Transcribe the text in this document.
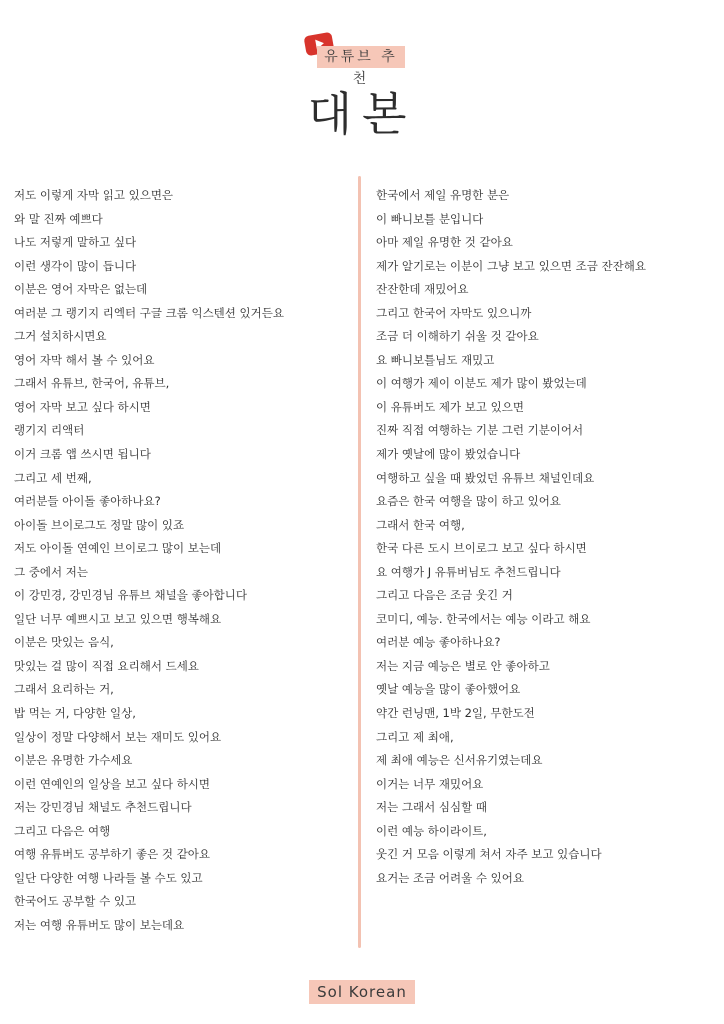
유튜브 추천
대본
저도 이렇게 자막 읽고 있으면은
와 말 진짜 예쁘다
나도 저렇게 말하고 싶다
이런 생각이 많이 듭니다
이분은 영어 자막은 없는데
여러분 그 랭기지 리엑터 구글 크롬 익스텐션 있거든요
그거 설치하시면요
영어 자막 해서 볼 수 있어요
그래서 유튜브, 한국어, 유튜브,
영어 자막 보고 싶다 하시면
랭기지 리액터
이거 크롬 앱 쓰시면 됩니다
그리고 세 번째,
여러분들 아이돌 좋아하나요?
아이돌 브이로그도 정말 많이 있죠
저도 아이돌 연예인 브이로그 많이 보는데
그 중에서 저는
이 강민경, 강민경님 유튜브 채널을 좋아합니다
일단 너무 예쁘시고 보고 있으면 행복해요
이분은 맛있는 음식,
맛있는 걸 많이 직접 요리해서 드세요
그래서 요리하는 거,
밥 먹는 거, 다양한 일상,
일상이 정말 다양해서 보는 재미도 있어요
이분은 유명한 가수세요
이런 연예인의 일상을 보고 싶다 하시면
저는 강민경님 채널도 추천드립니다
그리고 다음은 여행
여행 유튜버도 공부하기 좋은 것 같아요
일단 다양한 여행 나라들 볼 수도 있고
한국어도 공부할 수 있고
저는 여행 유튜버도 많이 보는데요
한국에서 제일 유명한 분은
이 빠니보틀 분입니다
아마 제일 유명한 것 같아요
제가 알기로는 이분이 그냥 보고 있으면 조금 잔잔해요
잔잔한데 재밌어요
그리고 한국어 자막도 있으니까
조금 더 이해하기 쉬울 것 같아요
요 빠니보틀님도 재밌고
이 여행가 제이 이분도 제가 많이 봤었는데
이 유튜버도 제가 보고 있으면
진짜 직접 여행하는 기분 그런 기분이어서
제가 옛날에 많이 봤었습니다
여행하고 싶을 때 봤었던 유튜브 채널인데요
요즘은 한국 여행을 많이 하고 있어요
그래서 한국 여행,
한국 다른 도시 브이로그 보고 싶다 하시면
요 여행가 J 유튜버님도 추천드립니다
그리고 다음은 조금 웃긴 거
코미디, 예능. 한국에서는 예능 이라고 해요
여러분 예능 좋아하나요?
저는 지금 예능은 별로 안 좋아하고
옛날 예능을 많이 좋아했어요
약간 런닝맨, 1박 2일, 무한도전
그리고 제 최애,
제 최애 예능은 신서유기였는데요
이거는 너무 재밌어요
저는 그래서 심심할 때
이런 예능 하이라이트,
웃긴 거 모음 이렇게 쳐서 자주 보고 있습니다
요거는 조금 어려울 수 있어요
Sol Korean
